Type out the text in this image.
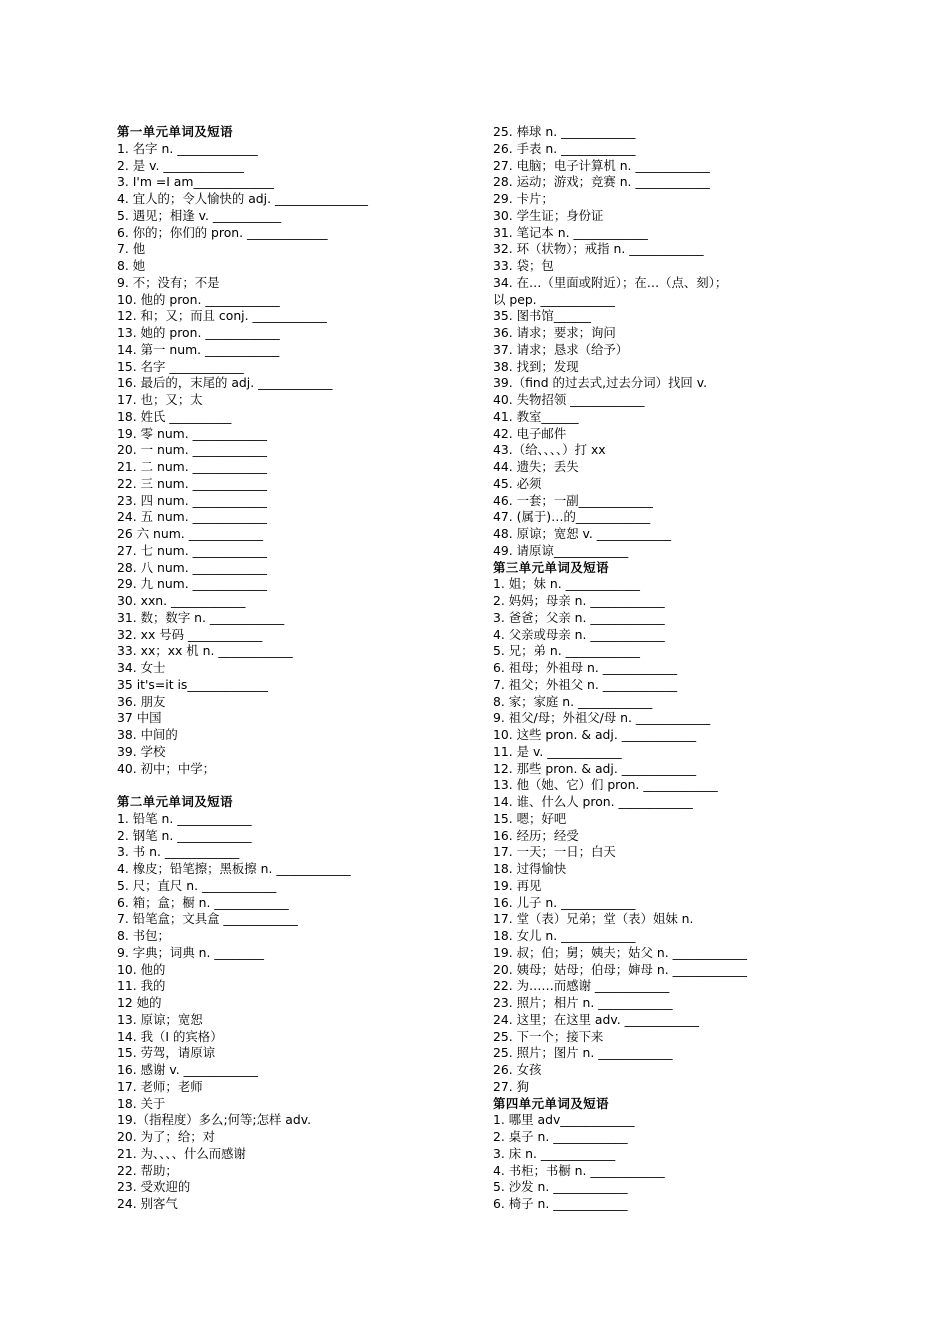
第一单元单词及短语
1. 名字 n. _____________
2. 是 v. _____________
3. I'm =I am_____________
4. 宜人的；令人愉快的 adj. _______________
5. 遇见；相逢 v. ___________
6. 你的；你们的 pron. _____________
7. 他
8. 她
9. 不；没有；不是
10. 他的 pron. ____________
12. 和；又；而且 conj. ____________
13. 她的 pron. ____________
14. 第一 num. ____________
15. 名字 ____________
16. 最后的，末尾的 adj. ____________
17. 也；又；太
18. 姓氏 __________
19. 零 num. ____________
20. 一 num. ____________
21. 二 num. ____________
22. 三 num. ____________
23. 四 num. ____________
24. 五 num. ____________
26 六 num. ____________
27. 七 num. ____________
28. 八 num. ____________
29. 九 num. ____________
30. xxn. ____________
31. 数；数字 n. ____________
32. xx 号码 ____________
33. xx；xx 机 n. ____________
34. 女士
35 it's=it is_____________
36. 朋友
37 中国
38. 中间的
39. 学校
40. 初中；中学；
第二单元单词及短语
1. 铅笔 n. ____________
2. 钢笔 n. ____________
3. 书 n. ____________
4. 橡皮；铅笔擦；黑板擦 n. ____________
5. 尺；直尺 n. ____________
6. 箱；盒；橱 n. ____________
7. 铅笔盒；文具盒 ____________
8. 书包；
9. 字典；词典 n. ________
10. 他的
11. 我的
12 她的
13. 原谅；宽恕
14. 我（I 的宾格）
15. 劳驾，请原谅
16. 感谢 v. ____________
17. 老师；老师
18. 关于
19.（指程度）多么;何等;怎样 adv.
20. 为了；给；对
21. 为、、、、什么而感谢
22. 帮助；
23. 受欢迎的
24. 别客气
25. 棒球 n. ____________
26. 手表 n. ____________
27. 电脑；电子计算机 n. ____________
28. 运动；游戏；竞赛 n. ____________
29. 卡片；
30. 学生证；身份证
31. 笔记本 n. ____________
32. 环（状物）；戒指 n. ____________
33. 袋；包
34. 在…（里面或附近）；在…（点、刻）；
以 pep. ____________
35. 图书馆______
36. 请求；要求；询问
37. 请求；恳求（给予）
38. 找到；发现
39.（find 的过去式,过去分词）找回 v.
40. 失物招领 ____________
41. 教室______
42. 电子邮件
43.（给、、、、）打 xx
44. 遗失；丢失
45. 必须
46. 一套；一副____________
47. (属于)…的____________
48. 原谅；宽恕 v. ____________
49. 请原谅____________
第三单元单词及短语
1. 姐；妹 n. ____________
2. 妈妈；母亲 n. ____________
3. 爸爸；父亲 n. ____________
4. 父亲或母亲 n. ____________
5. 兄；弟 n. ____________
6. 祖母；外祖母 n. ____________
7. 祖父；外祖父 n. ____________
8. 家；家庭 n. ____________
9. 祖父/母；外祖父/母 n. ____________
10. 这些 pron. & adj. ____________
11. 是 v. ____________
12. 那些 pron. & adj. ____________
13. 他（她、它）们 pron. ____________
14. 谁、什么人 pron. ____________
15. 嗯；好吧
16. 经历；经受
17. 一天；一日；白天
18. 过得愉快
19. 再见
16. 儿子 n. ____________
17. 堂（表）兄弟；堂（表）姐妹 n.
18. 女儿 n. ____________
19. 叔；伯；舅；姨夫；姑父 n. ____________
20. 姨母；姑母；伯母；婶母 n. ____________
22. 为……而感谢 ____________
23. 照片；相片 n. ____________
24. 这里；在这里 adv. ____________
25. 下一个；接下来
25. 照片；图片 n. ____________
26. 女孩
27. 狗
第四单元单词及短语
1. 哪里 adv____________
2. 桌子 n. ____________
3. 床 n. ____________
4. 书柜；书橱 n. ____________
5. 沙发 n. ____________
6. 椅子 n. ____________
